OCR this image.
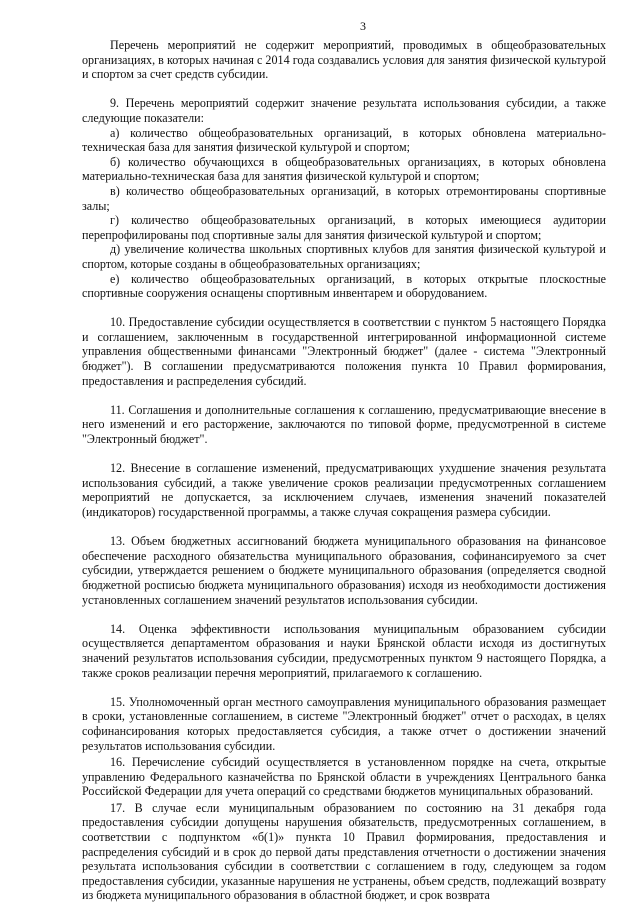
3

Перечень мероприятий не содержит мероприятий, проводимых в общеобразовательных организациях, в которых начиная с 2014 года создавались условия для занятия физической культурой и спортом за счет средств субсидии.

9. Перечень мероприятий содержит значение результата использования субсидии, а также следующие показатели:

а) количество общеобразовательных организаций, в которых обновлена материально-техническая база для занятия физической культурой и спортом;

б) количество обучающихся в общеобразовательных организациях, в которых обновлена материально-техническая база для занятия физической культурой и спортом;

в) количество общеобразовательных организаций, в которых отремонтированы спортивные залы;

г) количество общеобразовательных организаций, в которых имеющиеся аудитории перепрофилированы под спортивные залы для занятия физической культурой и спортом;

д) увеличение количества школьных спортивных клубов для занятия физической культурой и спортом, которые созданы в общеобразовательных организациях;

е) количество общеобразовательных организаций, в которых открытые плоскостные спортивные сооружения оснащены спортивным инвентарем и оборудованием.

10. Предоставление субсидии осуществляется в соответствии с пунктом 5 настоящего Порядка и соглашением, заключенным в государственной интегрированной информационной системе управления общественными финансами "Электронный бюджет" (далее - система "Электронный бюджет"). В соглашении предусматриваются положения пункта 10 Правил формирования, предоставления и распределения субсидий.

11. Соглашения и дополнительные соглашения к соглашению, предусматривающие внесение в него изменений и его расторжение, заключаются по типовой форме, предусмотренной в системе "Электронный бюджет".

12. Внесение в соглашение изменений, предусматривающих ухудшение значения результата использования субсидий, а также увеличение сроков реализации предусмотренных соглашением мероприятий не допускается, за исключением случаев, изменения значений показателей (индикаторов) государственной программы, а также случая сокращения размера субсидии.

13. Объем бюджетных ассигнований бюджета муниципального образования на финансовое обеспечение расходного обязательства муниципального образования, софинансируемого за счет субсидии, утверждается решением о бюджете муниципального образования (определяется сводной бюджетной росписью бюджета муниципального образования) исходя из необходимости достижения установленных соглашением значений результатов использования субсидии.

14. Оценка эффективности использования муниципальным образованием субсидии осуществляется департаментом образования и науки Брянской области исходя из достигнутых значений результатов использования субсидии, предусмотренных пунктом 9 настоящего Порядка, а также сроков реализации перечня мероприятий, прилагаемого к соглашению.

15. Уполномоченный орган местного самоуправления муниципального образования размещает в сроки, установленные соглашением, в системе "Электронный бюджет" отчет о расходах, в целях софинансирования которых предоставляется субсидия, а также отчет о достижении значений результатов использования субсидии.

16. Перечисление субсидий осуществляется в установленном порядке на счета, открытые управлению Федерального казначейства по Брянской области в учреждениях Центрального банка Российской Федерации для учета операций со средствами бюджетов муниципальных образований.

17. В случае если муниципальным образованием по состоянию на 31 декабря года предоставления субсидии допущены нарушения обязательств, предусмотренных соглашением, в соответствии с подпунктом «б(1)» пункта 10 Правил формирования, предоставления и распределения субсидий и в срок до первой даты представления отчетности о достижении значения результата использования субсидии в соответствии с соглашением в году, следующем за годом предоставления субсидии, указанные нарушения не устранены, объем средств, подлежащий возврату из бюджета муниципального образования в областной бюджет, и срок возврата
